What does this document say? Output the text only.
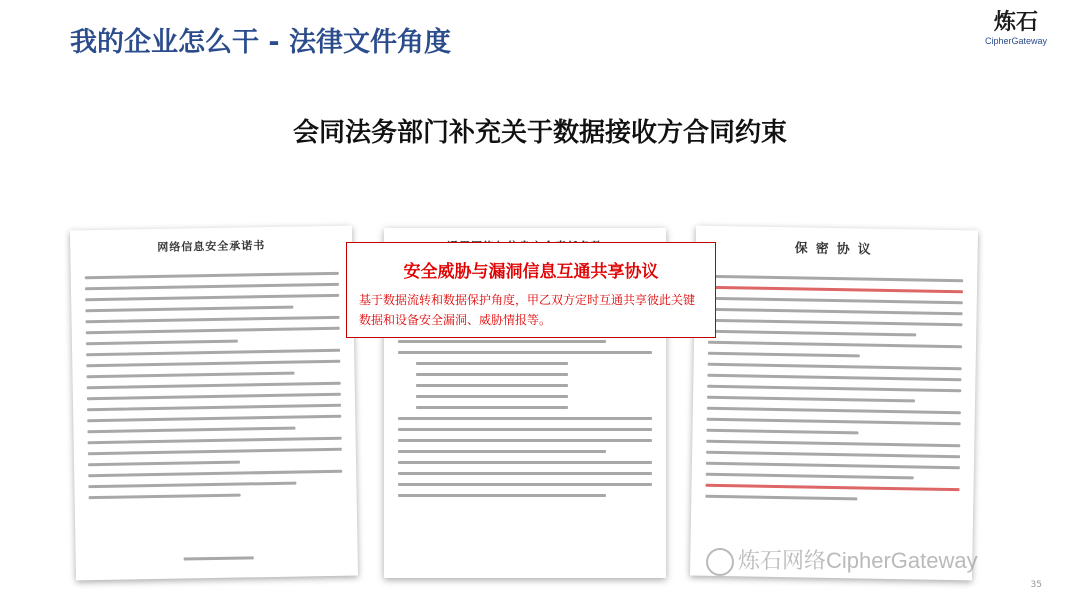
我的企业怎么干 - 法律文件角度
炼石
CipherGateway
会同法务部门补充关于数据接收方合同约束
网络信息安全承诺书	保密协议
安全威胁与漏洞信息互通共享协议
基于数据流转和数据保护角度，甲乙双方定时互通共享彼此关键数据和设备安全漏洞、威胁情报等。
炼石网络CipherGateway
35
